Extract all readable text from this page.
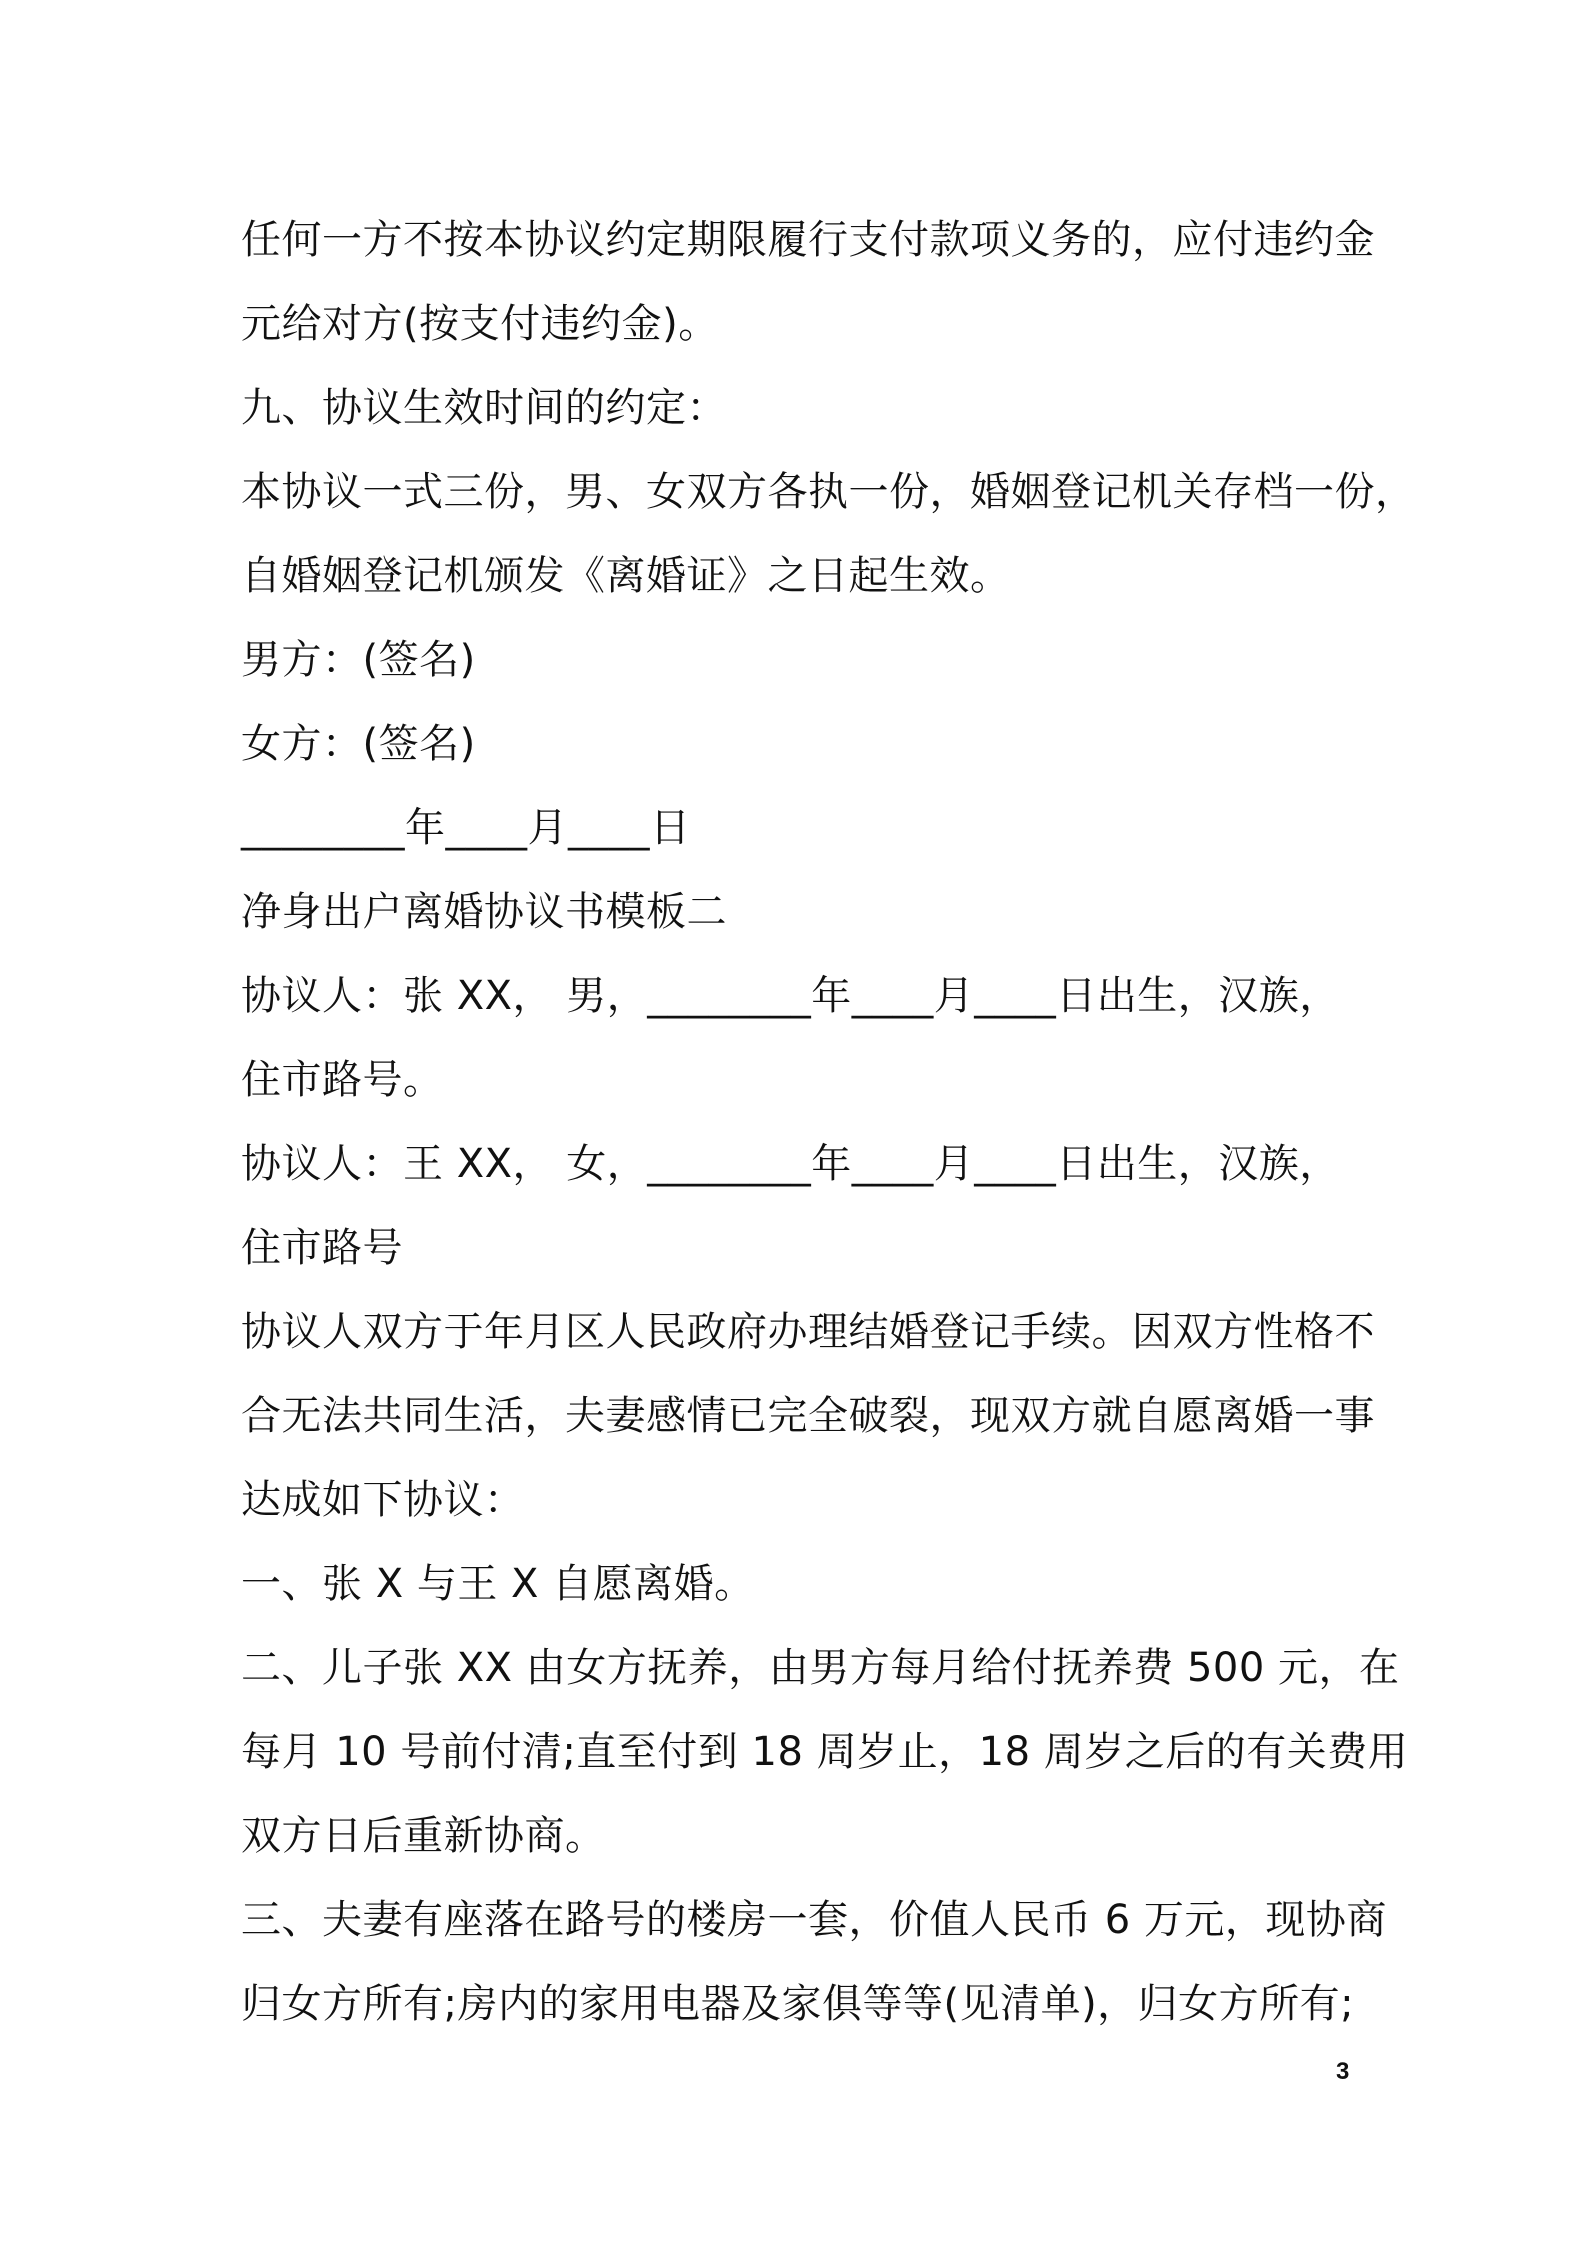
任何一方不按本协议约定期限履行支付款项义务的，应付违约金
元给对方(按支付违约金)。
九、协议生效时间的约定：
本协议一式三份，男、女双方各执一份，婚姻登记机关存档一份，
自婚姻登记机颁发《离婚证》之日起生效。
男方：(签名)
女方：(签名)
________年____月____日
净身出户离婚协议书模板二
协议人：张 XX， 男，________年____月____日出生，汉族，
住市路号。
协议人：王 XX， 女，________年____月____日出生，汉族，
住市路号
协议人双方于年月区人民政府办理结婚登记手续。因双方性格不
合无法共同生活，夫妻感情已完全破裂，现双方就自愿离婚一事
达成如下协议：
一、张 X 与王 X 自愿离婚。
二、儿子张 XX 由女方抚养，由男方每月给付抚养费 500 元，在
每月 10 号前付清;直至付到 18 周岁止，18 周岁之后的有关费用
双方日后重新协商。
三、夫妻有座落在路号的楼房一套，价值人民币 6 万元，现协商
归女方所有;房内的家用电器及家俱等等(见清单)，归女方所有;
3
